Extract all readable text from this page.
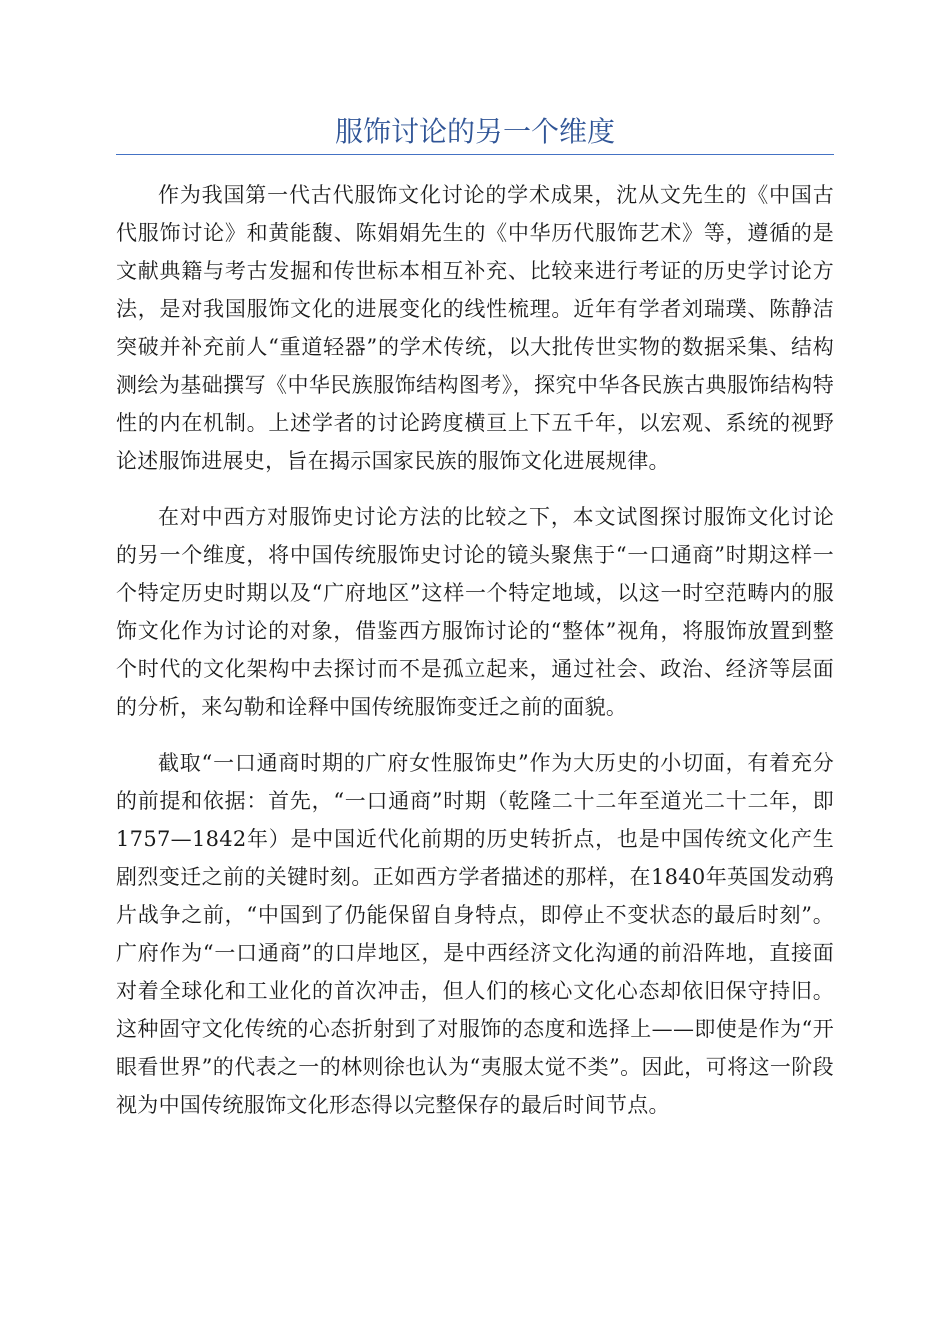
服饰讨论的另一个维度

作为我国第一代古代服饰文化讨论的学术成果，沈从文先生的《中国古代服饰讨论》和黄能馥、陈娟娟先生的《中华历代服饰艺术》等，遵循的是文献典籍与考古发掘和传世标本相互补充、比较来进行考证的历史学讨论方法，是对我国服饰文化的进展变化的线性梳理。近年有学者刘瑞璞、陈静洁突破并补充前人“重道轻器”的学术传统，以大批传世实物的数据采集、结构测绘为基础撰写《中华民族服饰结构图考》，探究中华各民族古典服饰结构特性的内在机制。上述学者的讨论跨度横亘上下五千年，以宏观、系统的视野论述服饰进展史，旨在揭示国家民族的服饰文化进展规律。

在对中西方对服饰史讨论方法的比较之下，本文试图探讨服饰文化讨论的另一个维度，将中国传统服饰史讨论的镜头聚焦于“一口通商”时期这样一个特定历史时期以及“广府地区”这样一个特定地域，以这一时空范畴内的服饰文化作为讨论的对象，借鉴西方服饰讨论的“整体”视角，将服饰放置到整个时代的文化架构中去探讨而不是孤立起来，通过社会、政治、经济等层面的分析，来勾勒和诠释中国传统服饰变迁之前的面貌。

截取“一口通商时期的广府女性服饰史”作为大历史的小切面，有着充分的前提和依据：首先，“一口通商”时期（乾隆二十二年至道光二十二年，即1757—1842年）是中国近代化前期的历史转折点，也是中国传统文化产生剧烈变迁之前的关键时刻。正如西方学者描述的那样，在1840年英国发动鸦片战争之前，“中国到了仍能保留自身特点，即停止不变状态的最后时刻”。广府作为“一口通商”的口岸地区，是中西经济文化沟通的前沿阵地，直接面对着全球化和工业化的首次冲击，但人们的核心文化心态却依旧保守持旧。这种固守文化传统的心态折射到了对服饰的态度和选择上——即使是作为“开眼看世界”的代表之一的林则徐也认为“夷服太觉不类”。因此，可将这一阶段视为中国传统服饰文化形态得以完整保存的最后时间节点。
